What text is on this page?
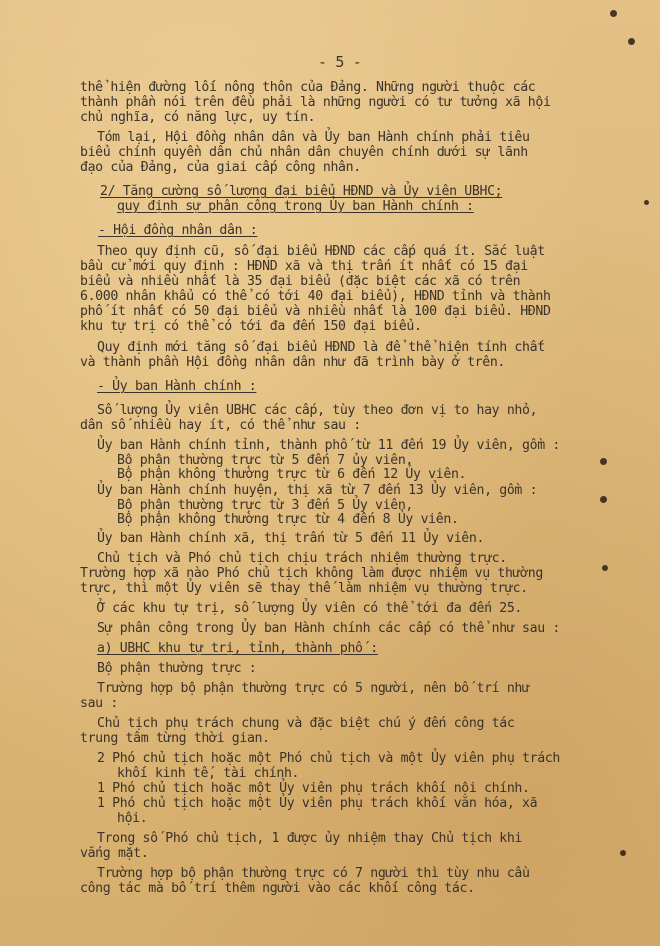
- 5 -

thể hiện đường lối nông thôn của Đảng. Những người thuộc các

thành phần nói trên đều phải là những người có tư tưởng xã hội

chủ nghĩa, có năng lực, uy tín.

Tóm lại, Hội đồng nhân dân và Ủy ban Hành chính phải tiêu

biểu chính quyền dân chủ nhân dân chuyên chính dưới sự lãnh

đạo của Đảng, của giai cấp công nhân.

2/ Tăng cường số lượng đại biểu HĐND và Ủy viên UBHC;

quy định sự phân công trong Ủy ban Hành chính :

- Hội đồng nhân dân :

Theo quy định cũ, số đại biểu HĐND các cấp quá ít. Sắc luật

bầu cử mới quy định : HĐND xã và thị trấn ít nhất có 15 đại

biểu và nhiều nhất là 35 đại biểu (đặc biệt các xã có trên

6.000 nhân khẩu có thể có tới 40 đại biểu), HĐND tỉnh và thành

phố ít nhất có 50 đại biểu và nhiều nhất là 100 đại biểu. HĐND

khu tự trị có thể có tới đa đến 150 đại biểu.

Quy định mới tăng số đại biểu HĐND là để thể hiện tính chất

và thành phần Hội đồng nhân dân như đã trình bày ở trên.

- Ủy ban Hành chính :

Số lượng Ủy viên UBHC các cấp, tùy theo đơn vị to hay nhỏ,

dân số nhiều hay ít, có thể như sau :

Ủy ban Hành chính tỉnh, thành phố từ 11 đến 19 Ủy viên, gồm :

Bộ phận thường trực từ 5 đến 7 ủy viên.

Bộ phận không thường trực từ 6 đến 12 Ủy viên.

Ủy ban Hành chính huyện, thị xã từ 7 đến 13 Ủy viên, gồm :

Bộ phận thường trực từ 3 đến 5 Ủy viên,

Bộ phận không thường trực từ 4 đến 8 Ủy viên.

Ủy ban Hành chính xã, thị trấn từ 5 đến 11 Ủy viên.

Chủ tịch và Phó chủ tịch chịu trách nhiệm thường trực.

Trường hợp xã nào Phó chủ tịch không làm được nhiệm vụ thường

trực, thì một Ủy viên sẽ thay thế làm nhiệm vụ thường trực.

Ở các khu tự trị, số lượng Ủy viên có thể tới đa đến 25.

Sự phân công trong Ủy ban Hành chính các cấp có thể như sau :

a) UBHC khu tự trị, tỉnh, thành phố :

Bộ phận thường trực :

Trường hợp bộ phận thường trực có 5 người, nên bố trí như

sau :

Chủ tịch phụ trách chung và đặc biệt chú ý đến công tác

trung tâm từng thời gian.

2 Phó chủ tịch hoặc một Phó chủ tịch và một Ủy viên phụ trách

khối kinh tế, tài chính.

1 Phó chủ tịch hoặc một Ủy viên phụ trách khối nội chính.

1 Phó chủ tịch hoặc một Ủy viên phụ trách khối văn hóa, xã

hội.

Trong số Phó chủ tịch, 1 được ủy nhiệm thay Chủ tịch khi

vắng mặt.

Trường hợp bộ phận thường trực có 7 người thì tùy nhu cầu

công tác mà bố trí thêm người vào các khối công tác.
